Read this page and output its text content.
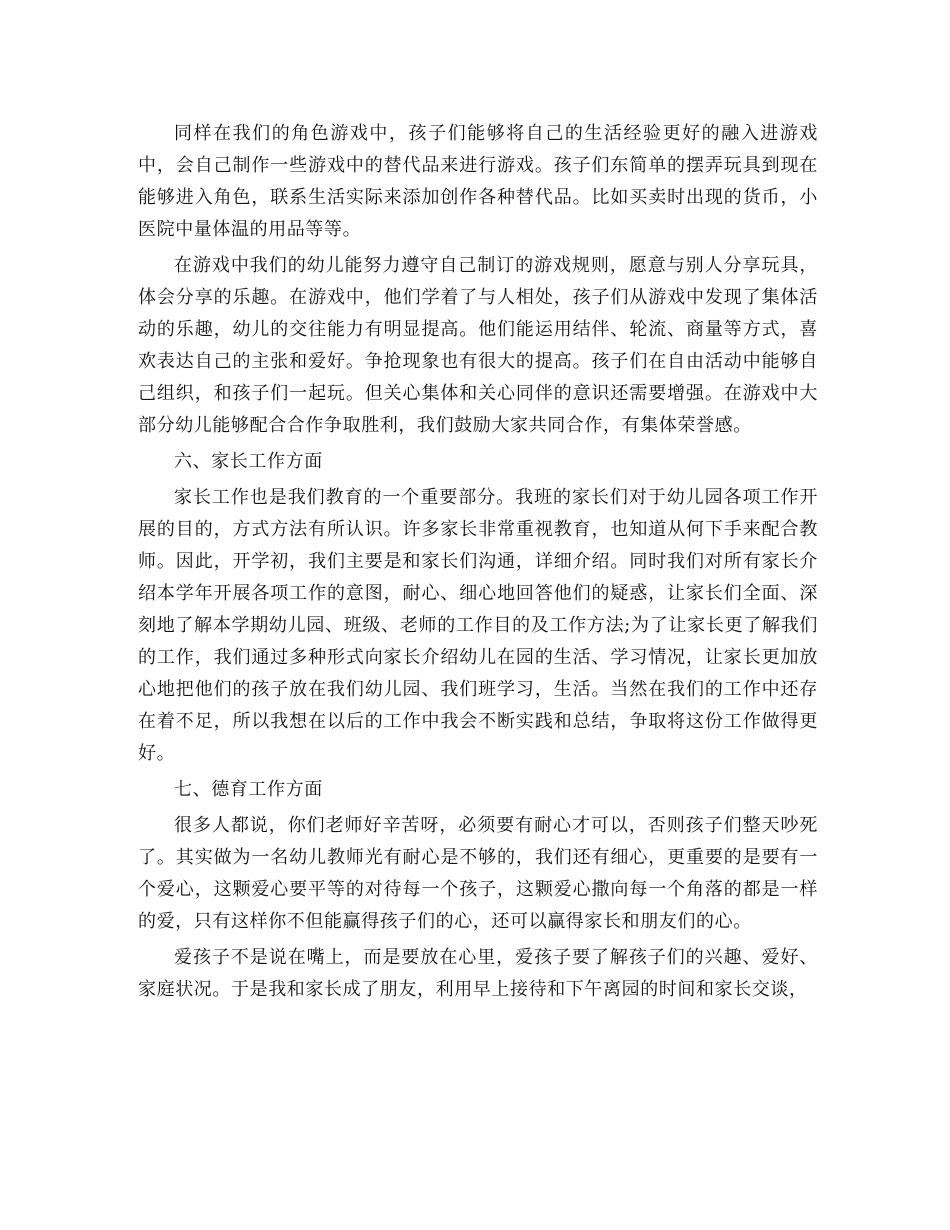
同样在我们的角色游戏中，孩子们能够将自己的生活经验更好的融入进游戏中，会自己制作一些游戏中的替代品来进行游戏。孩子们东简单的摆弄玩具到现在能够进入角色，联系生活实际来添加创作各种替代品。比如买卖时出现的货币，小医院中量体温的用品等等。

在游戏中我们的幼儿能努力遵守自己制订的游戏规则，愿意与别人分享玩具，体会分享的乐趣。在游戏中，他们学着了与人相处，孩子们从游戏中发现了集体活动的乐趣，幼儿的交往能力有明显提高。他们能运用结伴、轮流、商量等方式，喜欢表达自己的主张和爱好。争抢现象也有很大的提高。孩子们在自由活动中能够自己组织，和孩子们一起玩。但关心集体和关心同伴的意识还需要增强。在游戏中大部分幼儿能够配合合作争取胜利，我们鼓励大家共同合作，有集体荣誉感。

六、家长工作方面

家长工作也是我们教育的一个重要部分。我班的家长们对于幼儿园各项工作开展的目的，方式方法有所认识。许多家长非常重视教育，也知道从何下手来配合教师。因此，开学初，我们主要是和家长们沟通，详细介绍。同时我们对所有家长介绍本学年开展各项工作的意图，耐心、细心地回答他们的疑惑，让家长们全面、深刻地了解本学期幼儿园、班级、老师的工作目的及工作方法;为了让家长更了解我们的工作，我们通过多种形式向家长介绍幼儿在园的生活、学习情况，让家长更加放心地把他们的孩子放在我们幼儿园、我们班学习，生活。当然在我们的工作中还存在着不足，所以我想在以后的工作中我会不断实践和总结，争取将这份工作做得更好。

七、德育工作方面

很多人都说，你们老师好辛苦呀，必须要有耐心才可以，否则孩子们整天吵死了。其实做为一名幼儿教师光有耐心是不够的，我们还有细心，更重要的是要有一个爱心，这颗爱心要平等的对待每一个孩子，这颗爱心撒向每一个角落的都是一样的爱，只有这样你不但能赢得孩子们的心，还可以赢得家长和朋友们的心。

爱孩子不是说在嘴上，而是要放在心里，爱孩子要了解孩子们的兴趣、爱好、家庭状况。于是我和家长成了朋友，利用早上接待和下午离园的时间和家长交谈，
